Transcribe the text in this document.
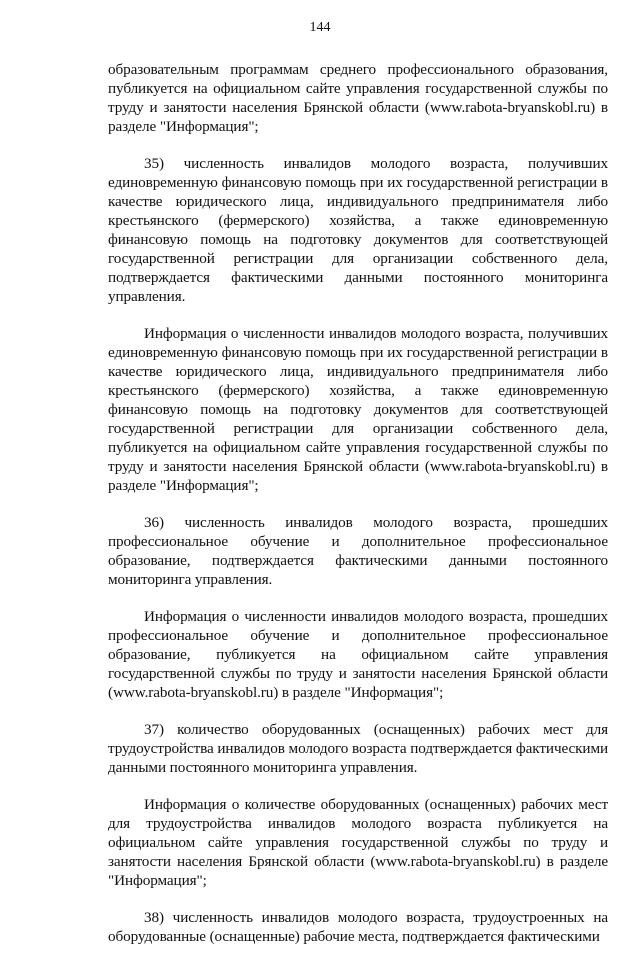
144

образовательным программам среднего профессионального образования, публикуется на официальном сайте управления государственной службы по труду и занятости населения Брянской области (www.rabota-bryanskobl.ru) в разделе "Информация";

35) численность инвалидов молодого возраста, получивших единовременную финансовую помощь при их государственной регистрации в качестве юридического лица, индивидуального предпринимателя либо крестьянского (фермерского) хозяйства, а также единовременную финансовую помощь на подготовку документов для соответствующей государственной регистрации для организации собственного дела, подтверждается фактическими данными постоянного мониторинга управления.

Информация о численности инвалидов молодого возраста, получивших единовременную финансовую помощь при их государственной регистрации в качестве юридического лица, индивидуального предпринимателя либо крестьянского (фермерского) хозяйства, а также единовременную финансовую помощь на подготовку документов для соответствующей государственной регистрации для организации собственного дела, публикуется на официальном сайте управления государственной службы по труду и занятости населения Брянской области (www.rabota-bryanskobl.ru) в разделе "Информация";

36) численность инвалидов молодого возраста, прошедших профессиональное обучение и дополнительное профессиональное образование, подтверждается фактическими данными постоянного мониторинга управления.

Информация о численности инвалидов молодого возраста, прошедших профессиональное обучение и дополнительное профессиональное образование, публикуется на официальном сайте управления государственной службы по труду и занятости населения Брянской области (www.rabota-bryanskobl.ru) в разделе "Информация";

37) количество оборудованных (оснащенных) рабочих мест для трудоустройства инвалидов молодого возраста подтверждается фактическими данными постоянного мониторинга управления.

Информация о количестве оборудованных (оснащенных) рабочих мест для трудоустройства инвалидов молодого возраста публикуется на официальном сайте управления государственной службы по труду и занятости населения Брянской области (www.rabota-bryanskobl.ru) в разделе "Информация";

38) численность инвалидов молодого возраста, трудоустроенных на оборудованные (оснащенные) рабочие места, подтверждается фактическими
